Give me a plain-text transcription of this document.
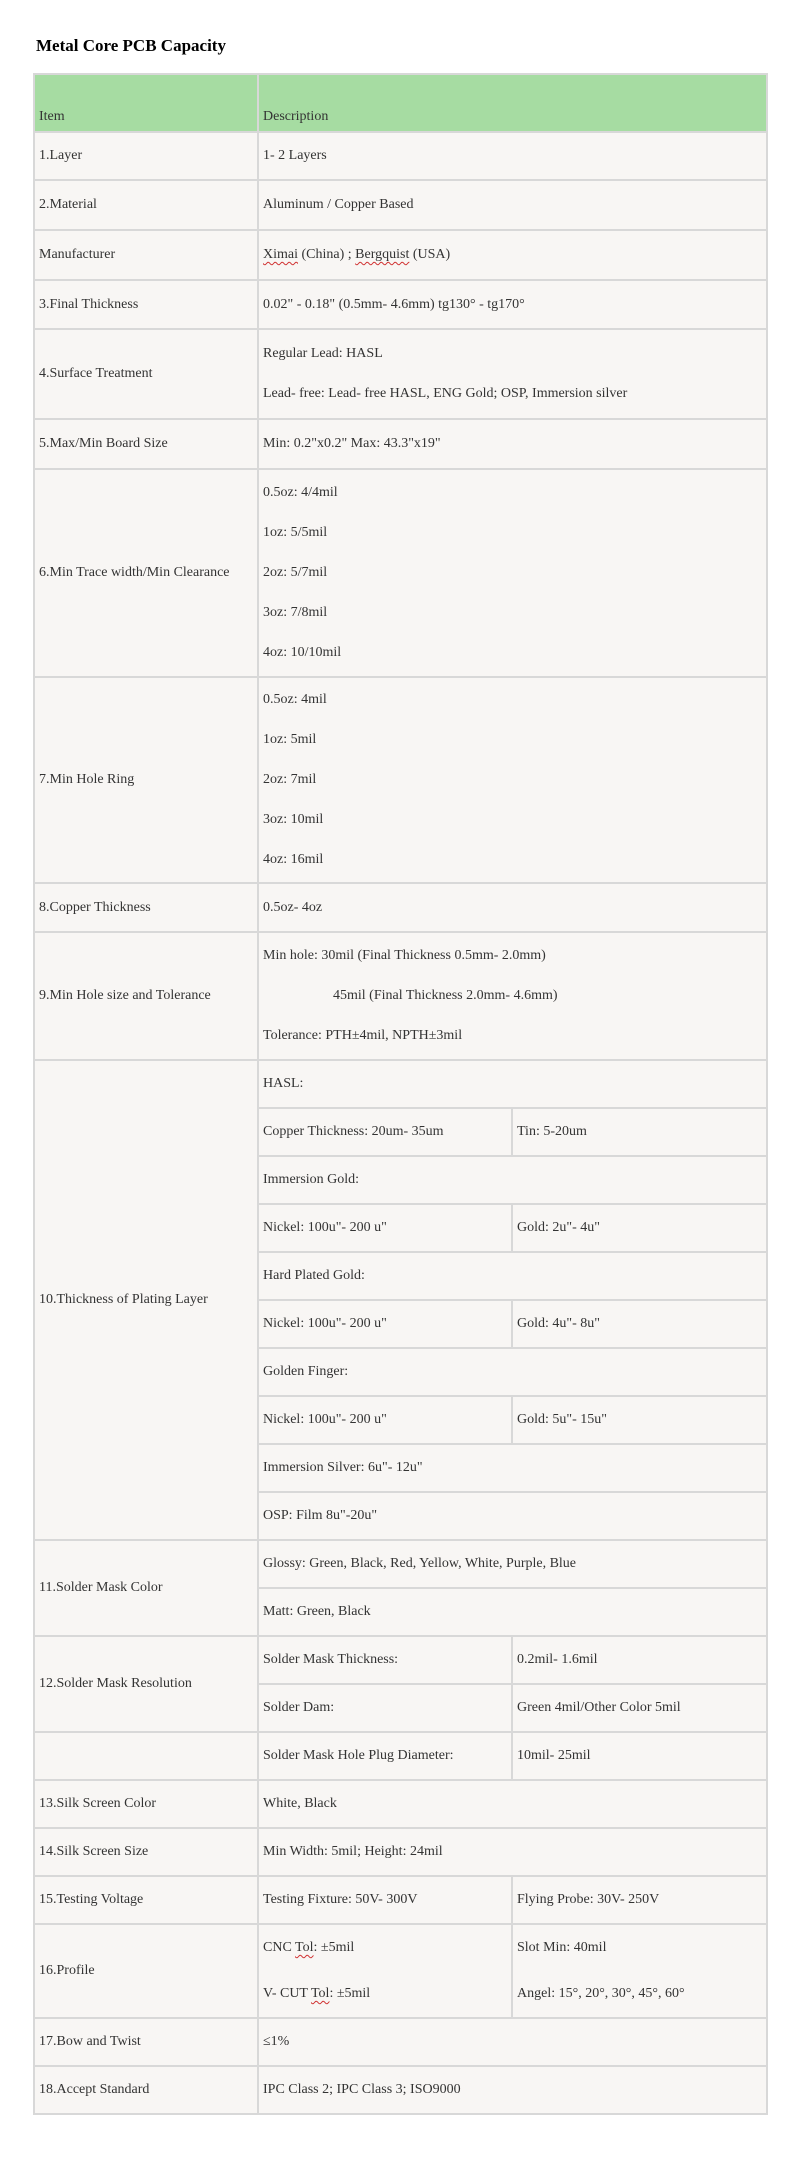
Metal Core PCB Capacity
Item	Description	
1.Layer	1- 2 Layers	
2.Material	Aluminum / Copper Based	
Manufacturer	Ximai (China) ; Bergquist (USA)	
3.Final Thickness	0.02" - 0.18" (0.5mm- 4.6mm) tg130° - tg170°	
4.Surface Treatment	Regular Lead: HASL
Lead- free: Lead- free HASL, ENG Gold; OSP, Immersion silver	

5.Max/Min Board Size	Min: 0.2"x0.2" Max: 43.3"x19"	
6.Min Trace width/Min Clearance	0.5oz: 4/4mil
1oz: 5/5mil
2oz: 5/7mil
3oz: 7/8mil
4oz: 10/10mil	

7.Min Hole Ring	0.5oz: 4mil
1oz: 5mil
2oz: 7mil
3oz: 10mil
4oz: 16mil	

8.Copper Thickness	0.5oz- 4oz	
9.Min Hole size and Tolerance	Min hole: 30mil (Final Thickness 0.5mm- 2.0mm)
45mil (Final Thickness 2.0mm- 4.6mm)
Tolerance: PTH±4mil, NPTH±3mil	

10.Thickness of Plating Layer	HASL:	
	Copper Thickness: 20um- 35um	Tin: 5-20um
	Immersion Gold:	
	Nickel: 100u"- 200 u"	Gold: 2u"- 4u"
	Hard Plated Gold:	
	Nickel: 100u"- 200 u"	Gold: 4u"- 8u"
	Golden Finger:	
	Nickel: 100u"- 200 u"	Gold: 5u"- 15u"
	Immersion Silver: 6u"- 12u"	
	OSP: Film 8u"-20u"	
11.Solder Mask Color	Glossy: Green, Black, Red, Yellow, White, Purple, Blue	
	Matt: Green, Black	
12.Solder Mask Resolution	Solder Mask Thickness:	0.2mil- 1.6mil
	Solder Dam:	Green 4mil/Other Color 5mil
	Solder Mask Hole Plug Diameter:	10mil- 25mil
13.Silk Screen Color	White, Black	
14.Silk Screen Size	Min Width: 5mil; Height: 24mil	
15.Testing Voltage	Testing Fixture: 50V- 300V	Flying Probe: 30V- 250V
16.Profile	CNC Tol: ±5mil	Slot Min: 40mil
	V- CUT Tol: ±5mil	Angel: 15°, 20°, 30°, 45°, 60°
17.Bow and Twist	≤1%	
18.Accept Standard	IPC Class 2; IPC Class 3; ISO9000	
